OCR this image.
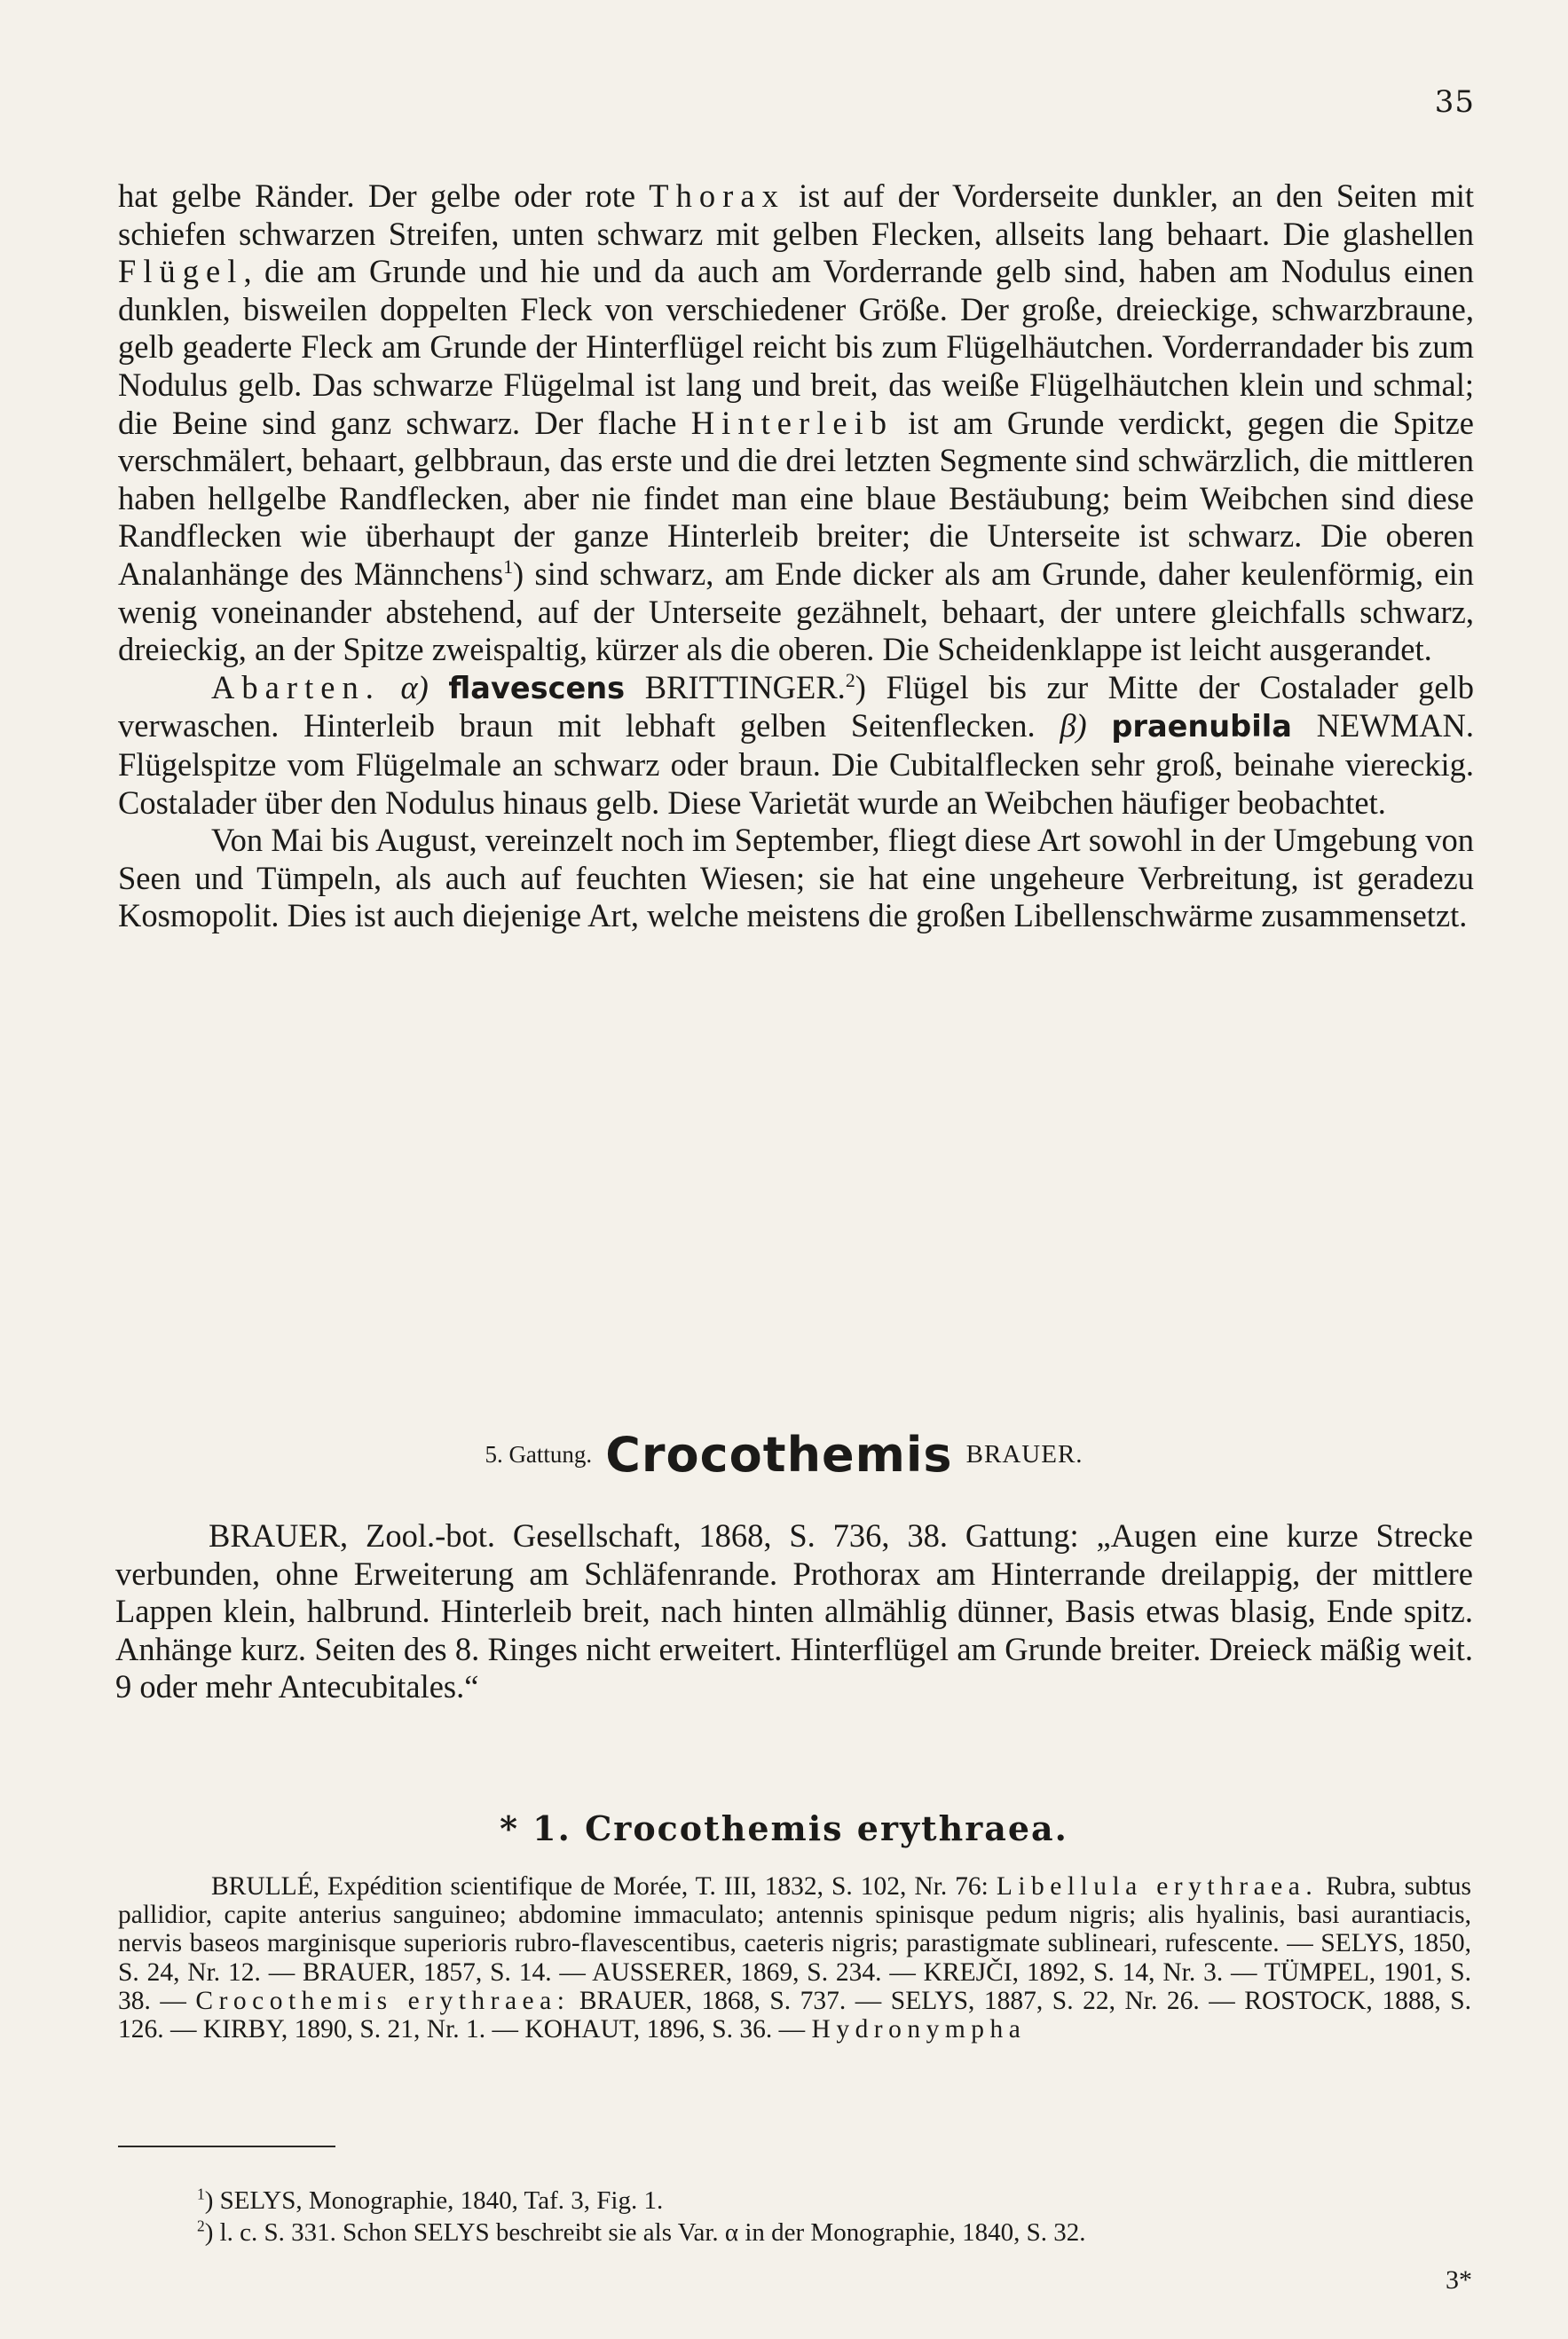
35

hat gelbe Ränder. Der gelbe oder rote Thorax ist auf der Vorderseite dunkler, an den Seiten mit schiefen schwarzen Streifen, unten schwarz mit gelben Flecken, allseits lang behaart. Die glashellen Flügel, die am Grunde und hie und da auch am Vorderrande gelb sind, haben am Nodulus einen dunklen, bisweilen doppelten Fleck von verschiedener Größe. Der große, dreieckige, schwarzbraune, gelb geaderte Fleck am Grunde der Hinterflügel reicht bis zum Flügelhäutchen. Vorderrandader bis zum Nodulus gelb. Das schwarze Flügelmal ist lang und breit, das weiße Flügelhäutchen klein und schmal; die Beine sind ganz schwarz. Der flache Hinterleib ist am Grunde verdickt, gegen die Spitze verschmälert, behaart, gelbbraun, das erste und die drei letzten Segmente sind schwärzlich, die mittleren haben hellgelbe Randflecken, aber nie findet man eine blaue Bestäubung; beim Weibchen sind diese Randflecken wie überhaupt der ganze Hinterleib breiter; die Unterseite ist schwarz. Die oberen Analanhänge des Männchens$^1$) sind schwarz, am Ende dicker als am Grunde, daher keulenförmig, ein wenig voneinander abstehend, auf der Unterseite gezähnelt, behaart, der untere gleichfalls schwarz, dreieckig, an der Spitze zweispaltig, kürzer als die oberen. Die Scheidenklappe ist leicht ausgerandet.

Abarten. α) flavescens BRITTINGER.$^2$) Flügel bis zur Mitte der Costalader gelb verwaschen. Hinterleib braun mit lebhaft gelben Seitenflecken. β) praenubila NEWMAN. Flügelspitze vom Flügelmale an schwarz oder braun. Die Cubitalflecken sehr groß, beinahe viereckig. Costalader über den Nodulus hinaus gelb. Diese Varietät wurde an Weibchen häufiger beobachtet.

Von Mai bis August, vereinzelt noch im September, fliegt diese Art sowohl in der Umgebung von Seen und Tümpeln, als auch auf feuchten Wiesen; sie hat eine ungeheure Verbreitung, ist geradezu Kosmopolit. Dies ist auch diejenige Art, welche meistens die großen Libellenschwärme zusammensetzt.

5. Gattung. Crocothemis BRAUER.

BRAUER, Zool.-bot. Gesellschaft, 1868, S. 736, 38. Gattung: „Augen eine kurze Strecke verbunden, ohne Erweiterung am Schläfenrande. Prothorax am Hinterrande dreilappig, der mittlere Lappen klein, halbrund. Hinterleib breit, nach hinten allmählig dünner, Basis etwas blasig, Ende spitz. Anhänge kurz. Seiten des 8. Ringes nicht erweitert. Hinterflügel am Grunde breiter. Dreieck mäßig weit. 9 oder mehr Antecubitales.“

* 1. Crocothemis erythraea.

BRULLÉ, Expédition scientifique de Morée, T. III, 1832, S. 102, Nr. 76: Libellula erythraea. Rubra, subtus pallidior, capite anterius sanguineo; abdomine immaculato; antennis spinisque pedum nigris; alis hyalinis, basi aurantiacis, nervis baseos marginisque superioris rubro-flavescentibus, caeteris nigris; parastigmate sublineari, rufescente. — SELYS, 1850, S. 24, Nr. 12. — BRAUER, 1857, S. 14. — AUSSERER, 1869, S. 234. — KREJČI, 1892, S. 14, Nr. 3. — TÜMPEL, 1901, S. 38. — Crocothemis erythraea: BRAUER, 1868, S. 737. — SELYS, 1887, S. 22, Nr. 26. — ROSTOCK, 1888, S. 126. — KIRBY, 1890, S. 21, Nr. 1. — KOHAUT, 1896, S. 36. — Hydronympha

$^1$) SELYS, Monographie, 1840, Taf. 3, Fig. 1.

$^2$) l. c. S. 331. Schon SELYS beschreibt sie als Var. α in der Monographie, 1840, S. 32.

3*
